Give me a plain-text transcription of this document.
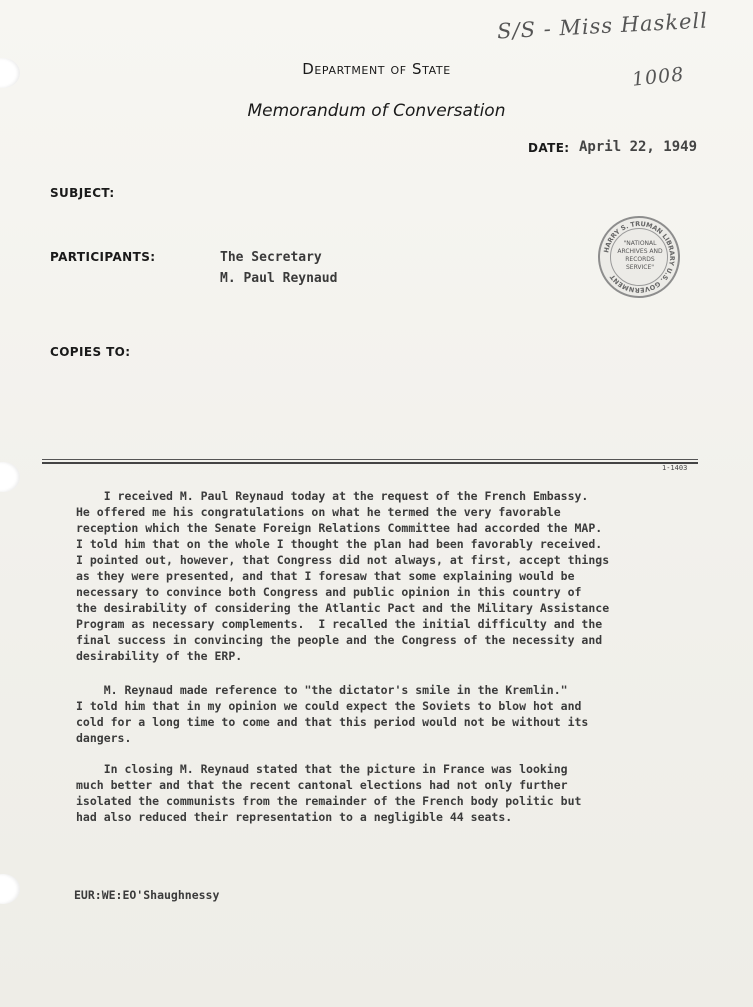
S/S - Miss Haskell
1008
Department of State
Memorandum of Conversation
DATE: April 22, 1949
SUBJECT:
PARTICIPANTS:	The Secretary
M. Paul Reynaud
COPIES TO:
HARRY S. TRUMAN LIBRARY U.S. GOVERNMENT
"NATIONAL ARCHIVES AND RECORDS SERVICE"
1-1403
I received M. Paul Reynaud today at the request of the French Embassy.
He offered me his congratulations on what he termed the very favorable
reception which the Senate Foreign Relations Committee had accorded the MAP.
I told him that on the whole I thought the plan had been favorably received.
I pointed out, however, that Congress did not always, at first, accept things
as they were presented, and that I foresaw that some explaining would be
necessary to convince both Congress and public opinion in this country of
the desirability of considering the Atlantic Pact and the Military Assistance
Program as necessary complements.  I recalled the initial difficulty and the
final success in convincing the people and the Congress of the necessity and
desirability of the ERP.
M. Reynaud made reference to "the dictator's smile in the Kremlin."
I told him that in my opinion we could expect the Soviets to blow hot and
cold for a long time to come and that this period would not be without its
dangers.
In closing M. Reynaud stated that the picture in France was looking
much better and that the recent cantonal elections had not only further
isolated the communists from the remainder of the French body politic but
had also reduced their representation to a negligible 44 seats.
EUR:WE:EO'Shaughnessy
